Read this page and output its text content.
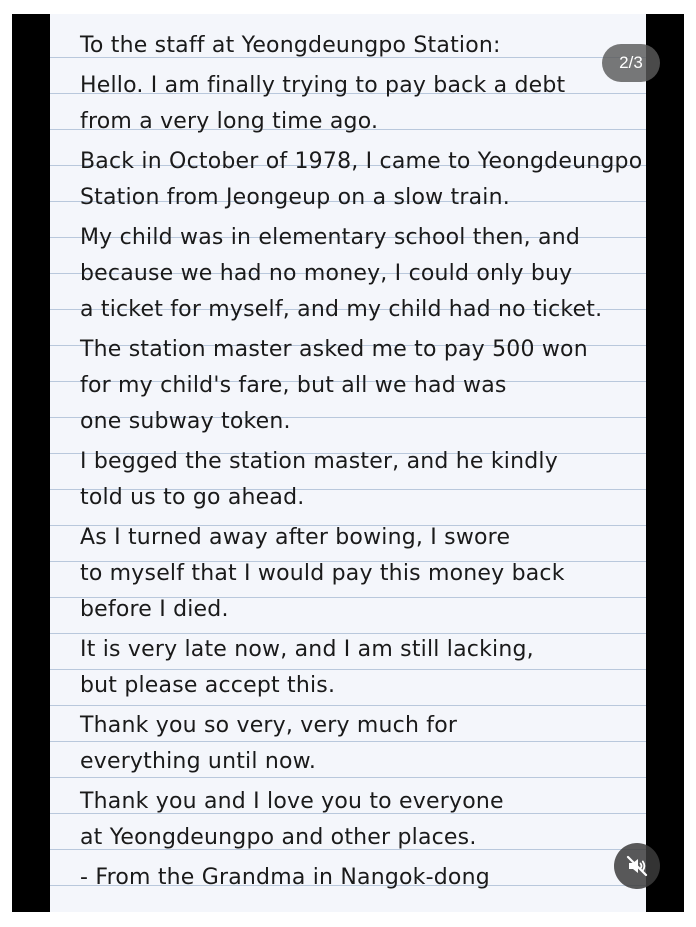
To the staff at Yeongdeungpo Station:
Hello. I am finally trying to pay back a debt
from a very long time ago.
Back in October of 1978, I came to Yeongdeungpo
Station from Jeongeup on a slow train.
My child was in elementary school then, and
because we had no money, I could only buy
a ticket for myself, and my child had no ticket.
The station master asked me to pay 500 won
for my child's fare, but all we had was
one subway token.
I begged the station master, and he kindly
told us to go ahead.
As I turned away after bowing, I swore
to myself that I would pay this money back
before I died.
It is very late now, and I am still lacking,
but please accept this.
Thank you so very, very much for
everything until now.
Thank you and I love you to everyone
at Yeongdeungpo and other places.
- From the Grandma in Nangok-dong
2/3
